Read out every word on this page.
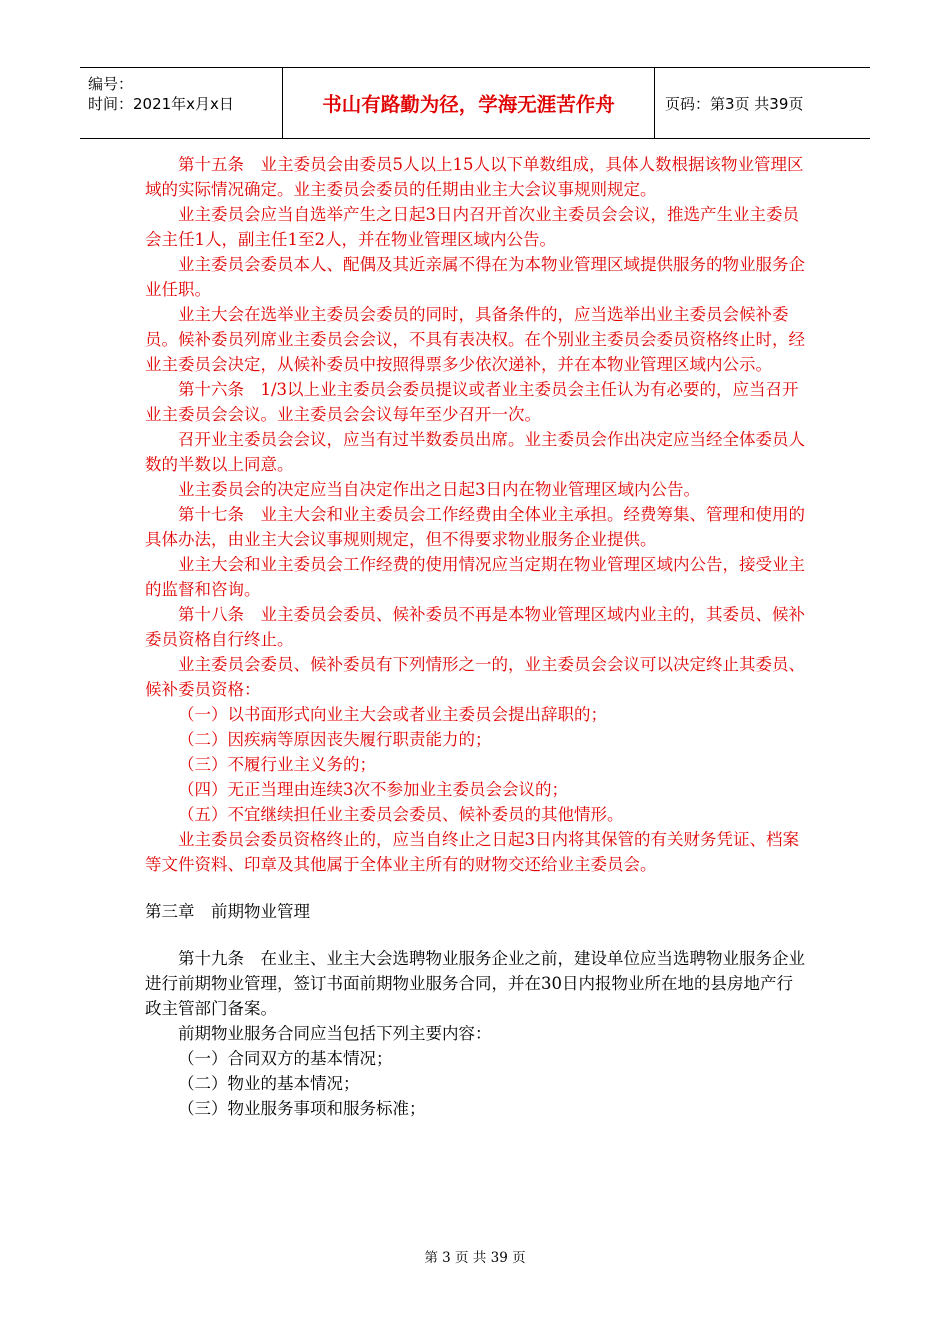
编号：
时间：2021年x月x日	书山有路勤为径，学海无涯苦作舟	页码：第3页 共39页

第十五条　业主委员会由委员5人以上15人以下单数组成，具体人数根据该物业管理区域的实际情况确定。业主委员会委员的任期由业主大会议事规则规定。

业主委员会应当自选举产生之日起3日内召开首次业主委员会会议，推选产生业主委员会主任1人，副主任1至2人，并在物业管理区域内公告。

业主委员会委员本人、配偶及其近亲属不得在为本物业管理区域提供服务的物业服务企业任职。

业主大会在选举业主委员会委员的同时，具备条件的，应当选举出业主委员会候补委员。候补委员列席业主委员会会议，不具有表决权。在个别业主委员会委员资格终止时，经业主委员会决定，从候补委员中按照得票多少依次递补，并在本物业管理区域内公示。

第十六条　1/3以上业主委员会委员提议或者业主委员会主任认为有必要的，应当召开业主委员会会议。业主委员会会议每年至少召开一次。

召开业主委员会会议，应当有过半数委员出席。业主委员会作出决定应当经全体委员人数的半数以上同意。

业主委员会的决定应当自决定作出之日起3日内在物业管理区域内公告。

第十七条　业主大会和业主委员会工作经费由全体业主承担。经费筹集、管理和使用的具体办法，由业主大会议事规则规定，但不得要求物业服务企业提供。

业主大会和业主委员会工作经费的使用情况应当定期在物业管理区域内公告，接受业主的监督和咨询。

第十八条　业主委员会委员、候补委员不再是本物业管理区域内业主的，其委员、候补委员资格自行终止。

业主委员会委员、候补委员有下列情形之一的，业主委员会会议可以决定终止其委员、候补委员资格：

（一）以书面形式向业主大会或者业主委员会提出辞职的；

（二）因疾病等原因丧失履行职责能力的；

（三）不履行业主义务的；

（四）无正当理由连续3次不参加业主委员会会议的；

（五）不宜继续担任业主委员会委员、候补委员的其他情形。

业主委员会委员资格终止的，应当自终止之日起3日内将其保管的有关财务凭证、档案等文件资料、印章及其他属于全体业主所有的财物交还给业主委员会。

第三章　前期物业管理

第十九条　在业主、业主大会选聘物业服务企业之前，建设单位应当选聘物业服务企业进行前期物业管理，签订书面前期物业服务合同，并在30日内报物业所在地的县房地产行政主管部门备案。

前期物业服务合同应当包括下列主要内容：

（一）合同双方的基本情况；

（二）物业的基本情况；

（三）物业服务事项和服务标准；

第 3 页 共 39 页
